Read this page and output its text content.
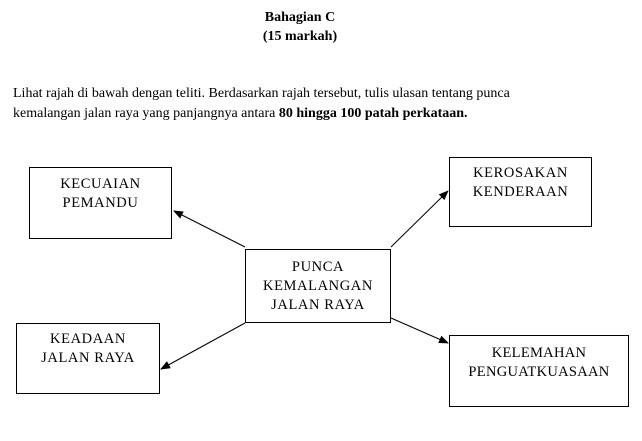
Bahagian C
(15 markah)
Lihat rajah di bawah dengan teliti. Berdasarkan rajah tersebut, tulis ulasan tentang punca
kemalangan jalan raya yang panjangnya antara 80 hingga 100 patah perkataan.
PUNCA
KEMALANGAN
JALAN RAYA
KECUAIAN
PEMANDU
KEROSAKAN
KENDERAAN
KEADAAN
JALAN RAYA	KELEMAHAN
PENGUATKUASAAN
